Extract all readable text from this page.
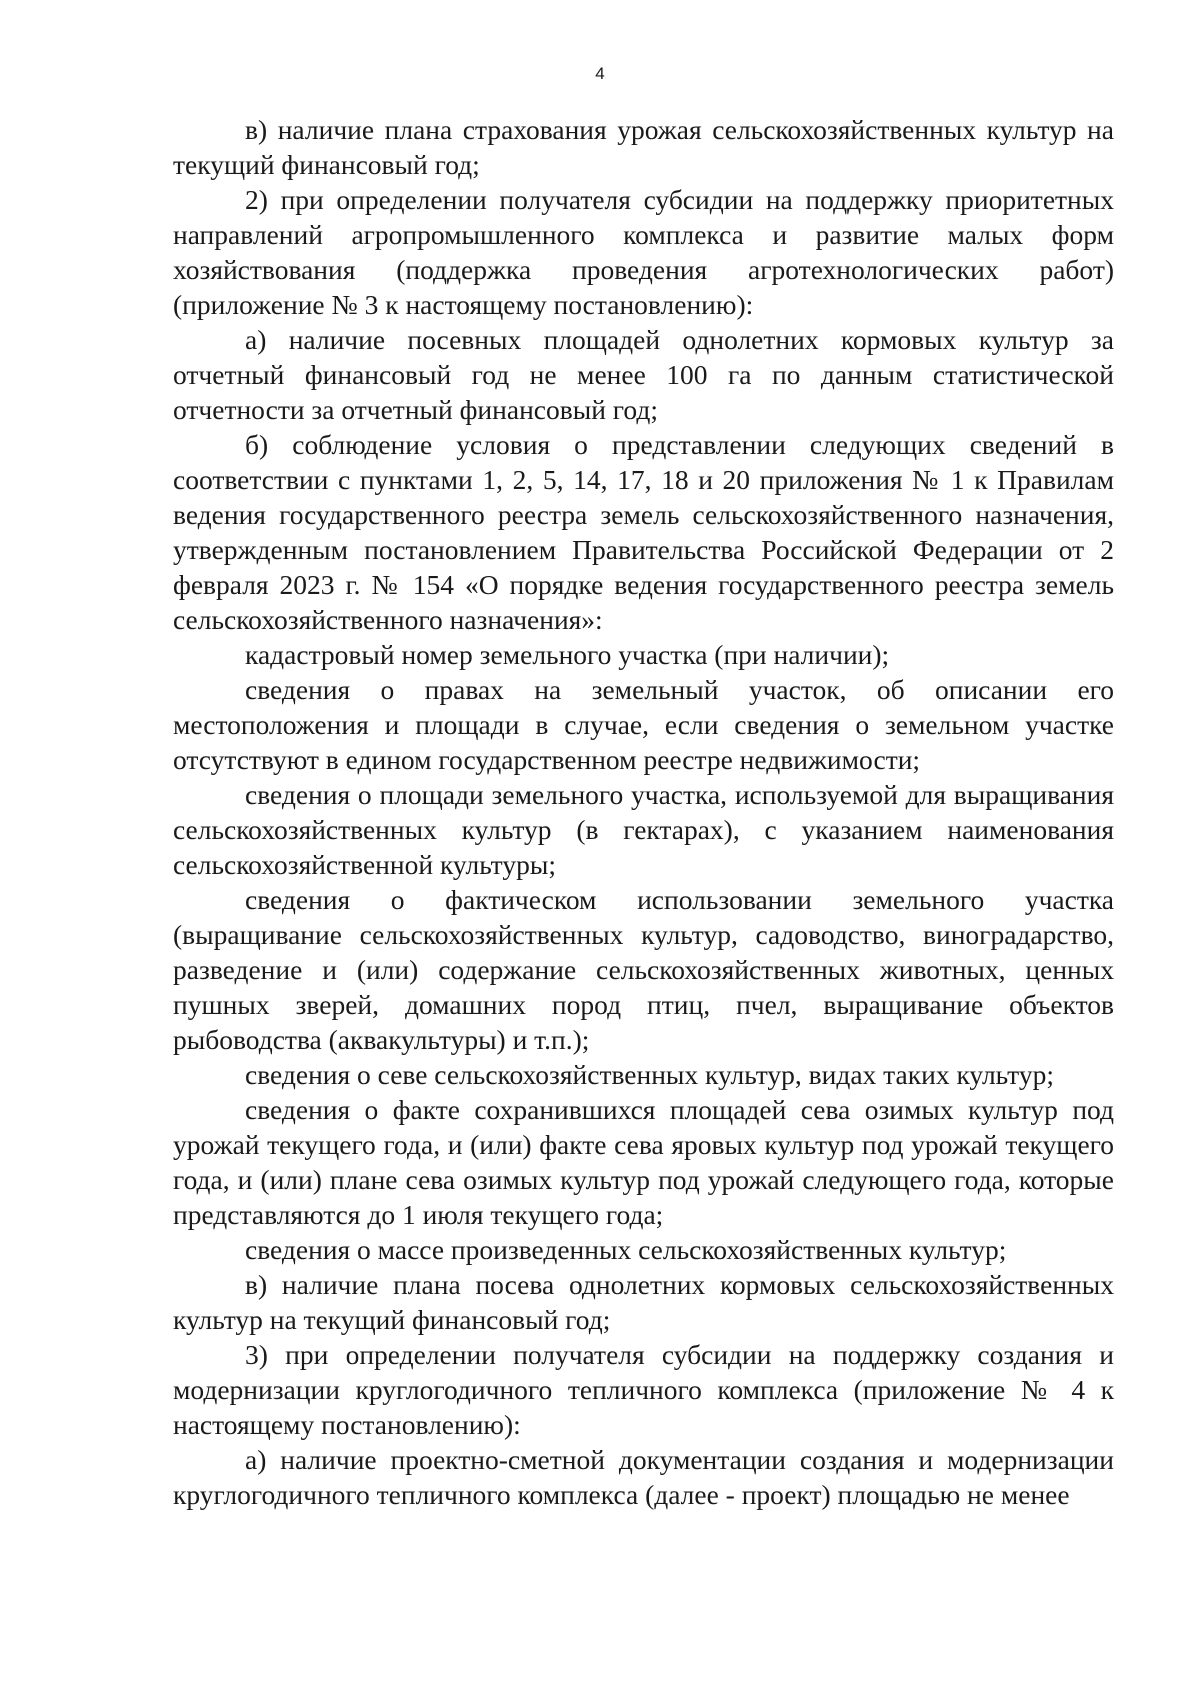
4

в) наличие плана страхования урожая сельскохозяйственных культур на текущий финансовый год;

2) при определении получателя субсидии на поддержку приоритетных направлений агропромышленного комплекса и развитие малых форм хозяйствования (поддержка проведения агротехнологических работ) (приложение № 3 к настоящему постановлению):

а) наличие посевных площадей однолетних кормовых культур за отчетный финансовый год не менее 100 га по данным статистической отчетности за отчетный финансовый год;

б) соблюдение условия о представлении следующих сведений в соответствии с пунктами 1, 2, 5, 14, 17, 18 и 20 приложения № 1 к Правилам ведения государственного реестра земель сельскохозяйственного назначения, утвержденным постановлением Правительства Российской Федерации от 2 февраля 2023 г. № 154 «О порядке ведения государственного реестра земель сельскохозяйственного назначения»:

кадастровый номер земельного участка (при наличии);

сведения о правах на земельный участок, об описании его местоположения и площади в случае, если сведения о земельном участке отсутствуют в едином государственном реестре недвижимости;

сведения о площади земельного участка, используемой для выращивания сельскохозяйственных культур (в гектарах), с указанием наименования сельскохозяйственной культуры;

сведения о фактическом использовании земельного участка (выращивание сельскохозяйственных культур, садоводство, виноградарство, разведение и (или) содержание сельскохозяйственных животных, ценных пушных зверей, домашних пород птиц, пчел, выращивание объектов рыбоводства (аквакультуры) и т.п.);

сведения о севе сельскохозяйственных культур, видах таких культур;

сведения о факте сохранившихся площадей сева озимых культур под урожай текущего года, и (или) факте сева яровых культур под урожай текущего года, и (или) плане сева озимых культур под урожай следующего года, которые представляются до 1 июля текущего года;

сведения о массе произведенных сельскохозяйственных культур;

в) наличие плана посева однолетних кормовых сельскохозяйственных культур на текущий финансовый год;

3) при определении получателя субсидии на поддержку создания и модернизации круглогодичного тепличного комплекса (приложение № 4 к настоящему постановлению):

а) наличие проектно-сметной документации создания и модернизации круглогодичного тепличного комплекса (далее - проект) площадью не менее
